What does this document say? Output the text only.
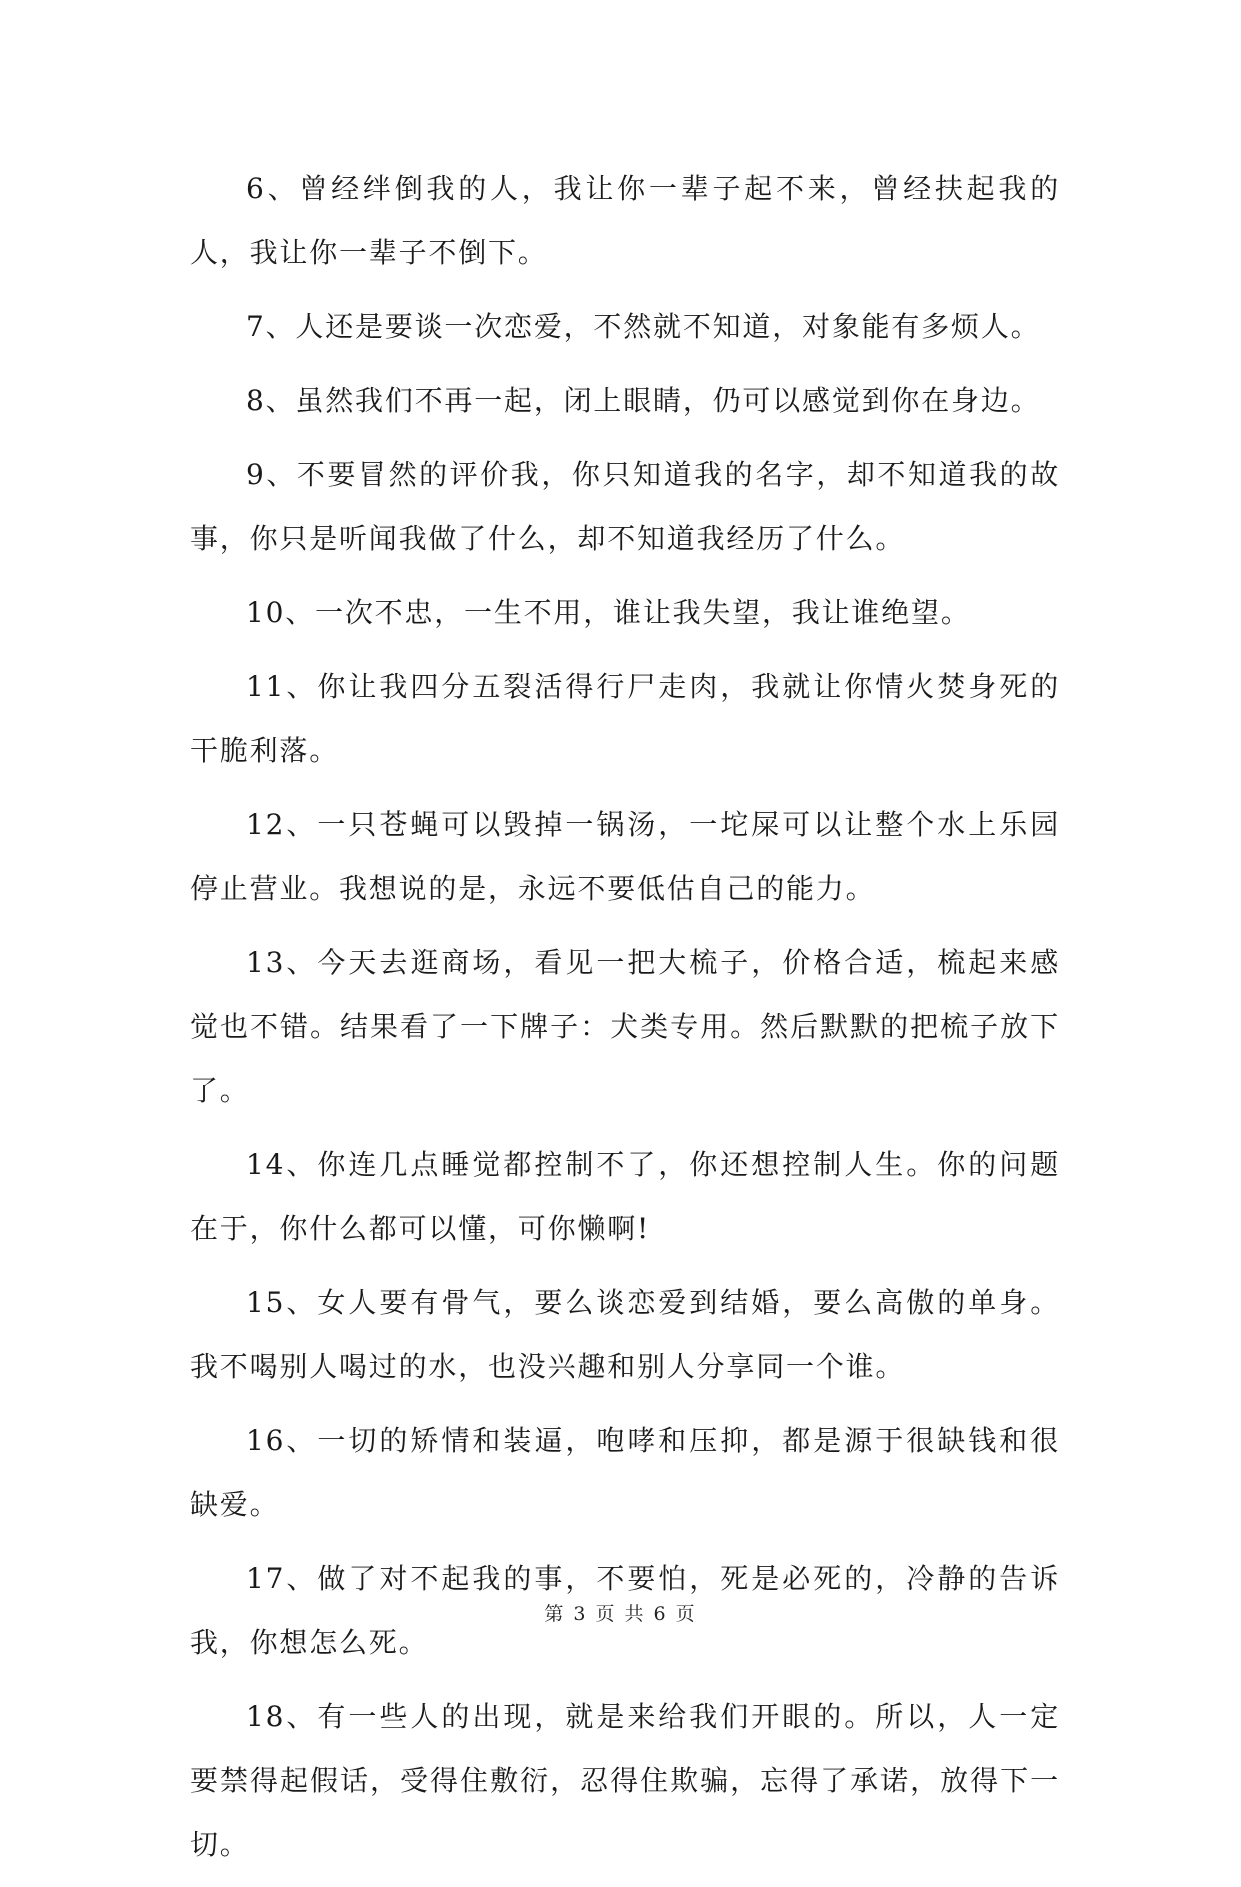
6、曾经绊倒我的人，我让你一辈子起不来，曾经扶起我的人，我让你一辈子不倒下。

7、人还是要谈一次恋爱，不然就不知道，对象能有多烦人。

8、虽然我们不再一起，闭上眼睛，仍可以感觉到你在身边。

9、不要冒然的评价我，你只知道我的名字，却不知道我的故事，你只是听闻我做了什么，却不知道我经历了什么。

10、一次不忠，一生不用，谁让我失望，我让谁绝望。

11、你让我四分五裂活得行尸走肉，我就让你情火焚身死的干脆利落。

12、一只苍蝇可以毁掉一锅汤，一坨屎可以让整个水上乐园停止营业。我想说的是，永远不要低估自己的能力。

13、今天去逛商场，看见一把大梳子，价格合适，梳起来感觉也不错。结果看了一下牌子：犬类专用。然后默默的把梳子放下了。

14、你连几点睡觉都控制不了，你还想控制人生。你的问题在于，你什么都可以懂，可你懒啊!

15、女人要有骨气，要么谈恋爱到结婚，要么高傲的单身。我不喝别人喝过的水，也没兴趣和别人分享同一个谁。

16、一切的矫情和装逼，咆哮和压抑，都是源于很缺钱和很缺爱。

17、做了对不起我的事，不要怕，死是必死的，冷静的告诉我，你想怎么死。

18、有一些人的出现，就是来给我们开眼的。所以，人一定要禁得起假话，受得住敷衍，忍得住欺骗，忘得了承诺，放得下一切。

第 3 页 共 6 页
